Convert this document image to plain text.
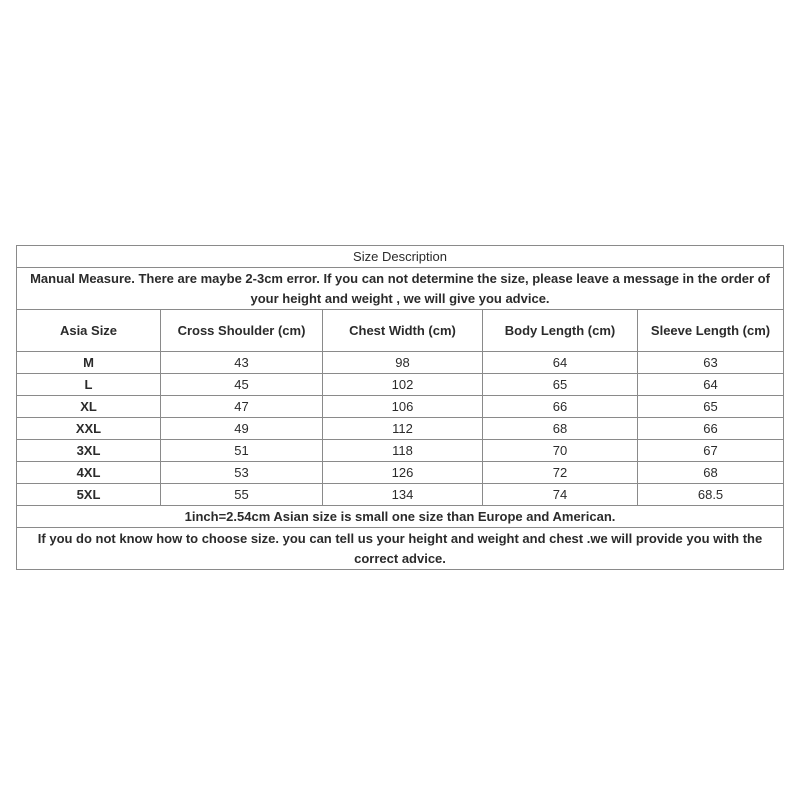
Size Description				
Manual Measure. There are maybe 2-3cm error. If you can not determine the size, please leave a message in the order of your height and weight , we will give you advice.				
Asia Size	Cross Shoulder (cm)	Chest Width (cm)	Body Length (cm)	Sleeve Length (cm)
M	43	98	64	63
L	45	102	65	64
XL	47	106	66	65
XXL	49	112	68	66
3XL	51	118	70	67
4XL	53	126	72	68
5XL	55	134	74	68.5
1inch=2.54cm Asian size is small one size than Europe and American.				
If you do not know how to choose size. you can tell us your height and weight and chest .we will provide you with the correct advice.				
